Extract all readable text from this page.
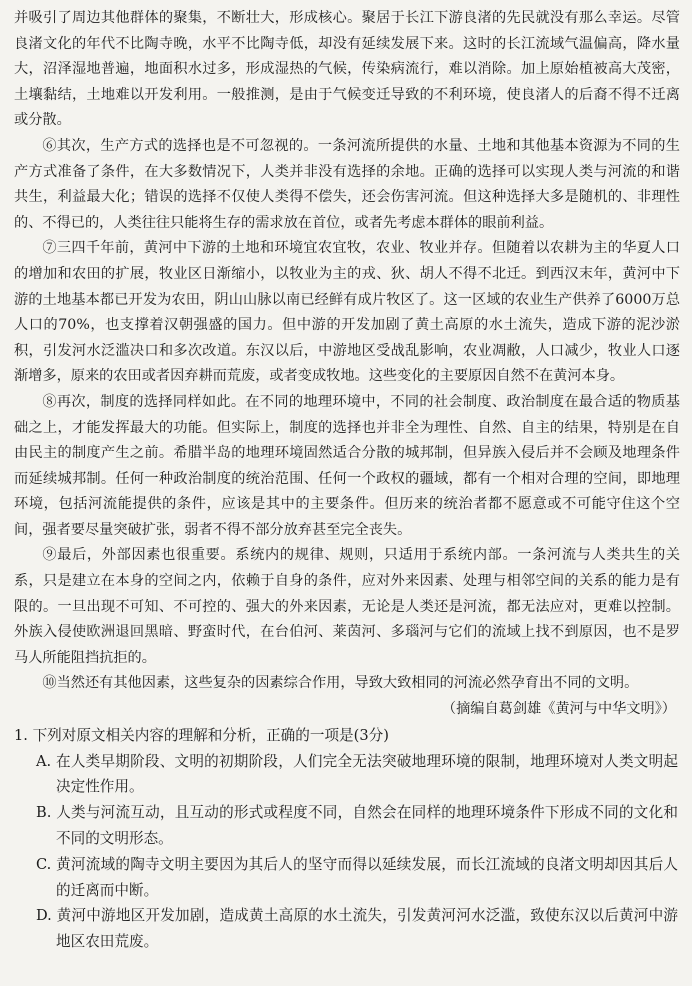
并吸引了周边其他群体的聚集，不断壮大，形成核心。聚居于长江下游良渚的先民就没有那么幸运。尽管良渚文化的年代不比陶寺晚，水平不比陶寺低，却没有延续发展下来。这时的长江流域气温偏高，降水量大，沼泽湿地普遍，地面积水过多，形成湿热的气候，传染病流行，难以消除。加上原始植被高大茂密，土壤黏结，土地难以开发利用。一般推测，是由于气候变迁导致的不利环境，使良渚人的后裔不得不迁离或分散。

⑥其次，生产方式的选择也是不可忽视的。一条河流所提供的水量、土地和其他基本资源为不同的生产方式准备了条件，在大多数情况下，人类并非没有选择的余地。正确的选择可以实现人类与河流的和谐共生，利益最大化；错误的选择不仅使人类得不偿失，还会伤害河流。但这种选择大多是随机的、非理性的、不得已的，人类往往只能将生存的需求放在首位，或者先考虑本群体的眼前利益。

⑦三四千年前，黄河中下游的土地和环境宜农宜牧，农业、牧业并存。但随着以农耕为主的华夏人口的增加和农田的扩展，牧业区日渐缩小，以牧业为主的戎、狄、胡人不得不北迁。到西汉末年，黄河中下游的土地基本都已开发为农田，阴山山脉以南已经鲜有成片牧区了。这一区域的农业生产供养了6000万总人口的70%，也支撑着汉朝强盛的国力。但中游的开发加剧了黄土高原的水土流失，造成下游的泥沙淤积，引发河水泛滥决口和多次改道。东汉以后，中游地区受战乱影响，农业凋敝，人口减少，牧业人口逐渐增多，原来的农田或者因弃耕而荒废，或者变成牧地。这些变化的主要原因自然不在黄河本身。

⑧再次，制度的选择同样如此。在不同的地理环境中，不同的社会制度、政治制度在最合适的物质基础之上，才能发挥最大的功能。但实际上，制度的选择也并非全为理性、自然、自主的结果，特别是在自由民主的制度产生之前。希腊半岛的地理环境固然适合分散的城邦制，但异族入侵后并不会顾及地理条件而延续城邦制。任何一种政治制度的统治范围、任何一个政权的疆域，都有一个相对合理的空间，即地理环境，包括河流能提供的条件，应该是其中的主要条件。但历来的统治者都不愿意或不可能守住这个空间，强者要尽量突破扩张，弱者不得不部分放弃甚至完全丧失。

⑨最后，外部因素也很重要。系统内的规律、规则，只适用于系统内部。一条河流与人类共生的关系，只是建立在本身的空间之内，依赖于自身的条件，应对外来因素、处理与相邻空间的关系的能力是有限的。一旦出现不可知、不可控的、强大的外来因素，无论是人类还是河流，都无法应对，更难以控制。外族入侵使欧洲退回黑暗、野蛮时代，在台伯河、莱茵河、多瑙河与它们的流域上找不到原因，也不是罗马人所能阻挡抗拒的。

⑩当然还有其他因素，这些复杂的因素综合作用，导致大致相同的河流必然孕育出不同的文明。

（摘编自葛剑雄《黄河与中华文明》）

1. 下列对原文相关内容的理解和分析，正确的一项是(3分)

A. 在人类早期阶段、文明的初期阶段，人们完全无法突破地理环境的限制，地理环境对人类文明起决定性作用。

B. 人类与河流互动，且互动的形式或程度不同，自然会在同样的地理环境条件下形成不同的文化和不同的文明形态。

C. 黄河流域的陶寺文明主要因为其后人的坚守而得以延续发展，而长江流域的良渚文明却因其后人的迁离而中断。

D. 黄河中游地区开发加剧，造成黄土高原的水土流失，引发黄河河水泛滥，致使东汉以后黄河中游地区农田荒废。
